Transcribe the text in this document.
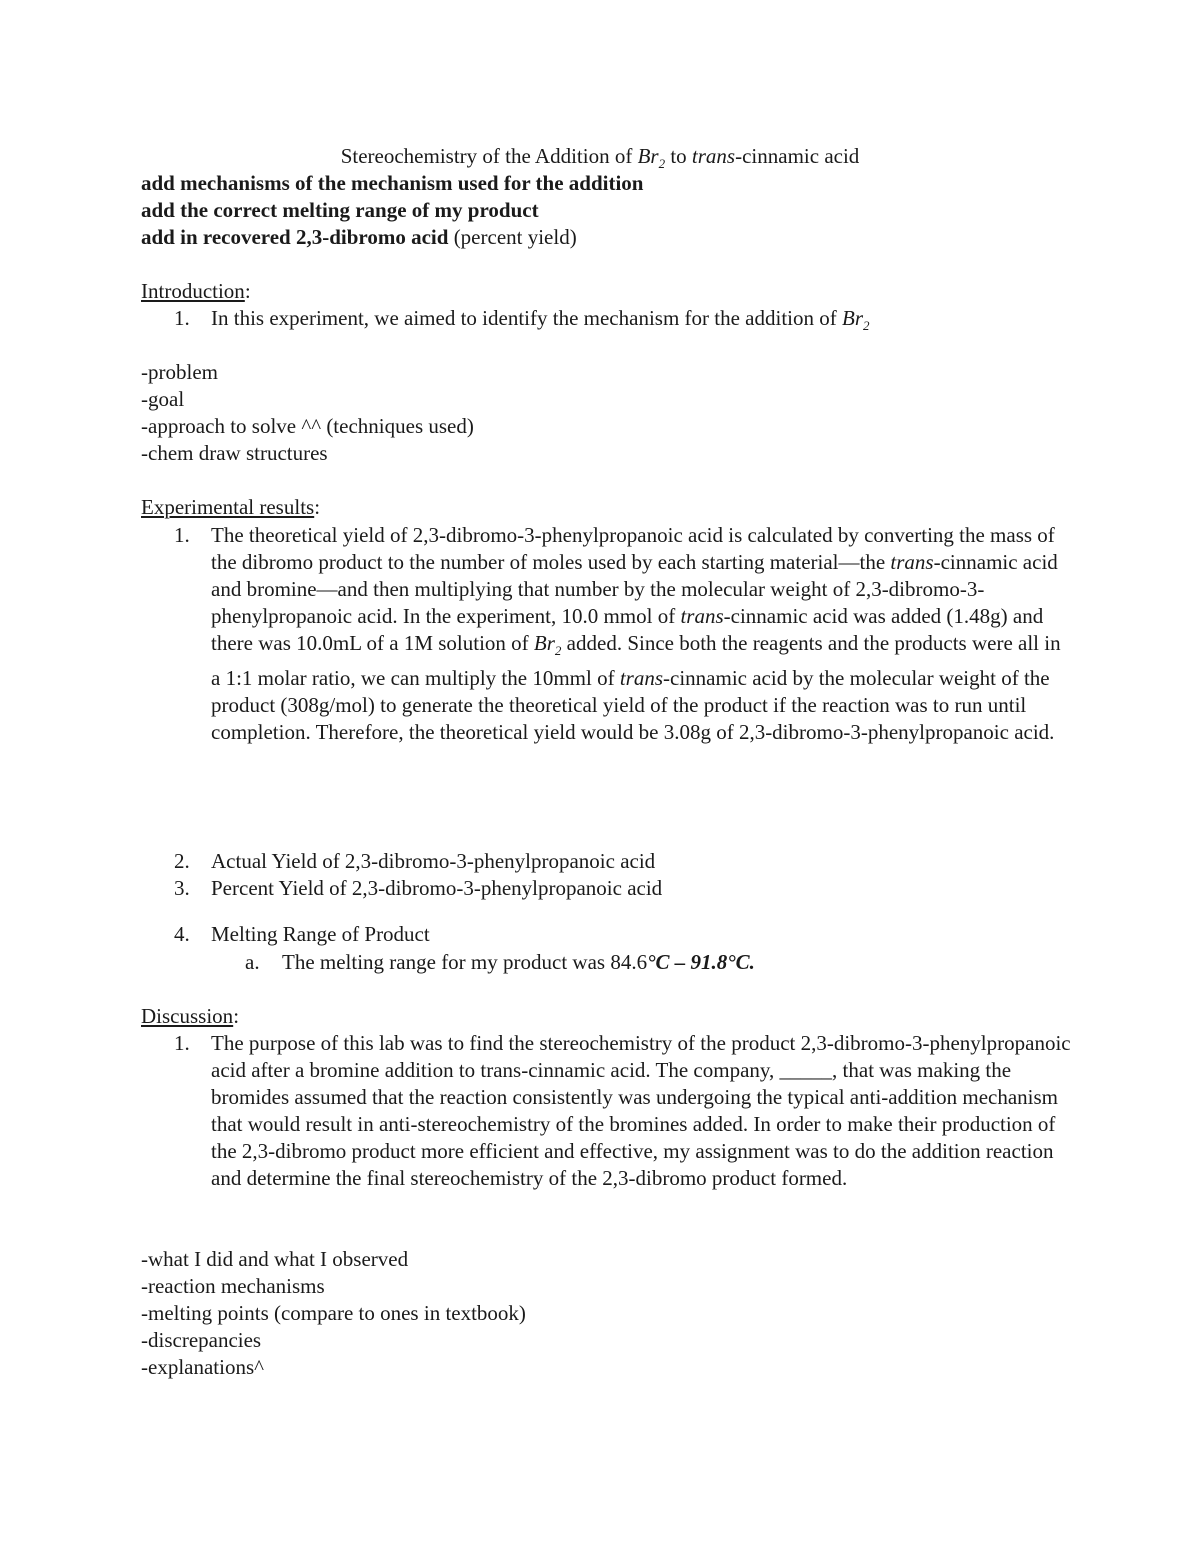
Stereochemistry of the Addition of $Br_2$ to trans-cinnamic acid
add mechanisms of the mechanism used for the addition
add the correct melting range of my product
add in recovered 2,3-dibromo acid (percent yield)
Introduction:
1. In this experiment, we aimed to identify the mechanism for the addition of $Br_2$
-problem
-goal
-approach to solve ^^ (techniques used)
-chem draw structures
Experimental results:
1. The theoretical yield of 2,3-dibromo-3-phenylpropanoic acid is calculated by converting the mass of the dibromo product to the number of moles used by each starting material—the trans-cinnamic acid and bromine—and then multiplying that number by the molecular weight of 2,3-dibromo-3-phenylpropanoic acid. In the experiment, 10.0 mmol of trans-cinnamic acid was added (1.48g) and there was 10.0mL of a 1M solution of $Br_2$ added. Since both the reagents and the products were all in a 1:1 molar ratio, we can multiply the 10mml of trans-cinnamic acid by the molecular weight of the product (308g/mol) to generate the theoretical yield of the product if the reaction was to run until completion. Therefore, the theoretical yield would be 3.08g of 2,3-dibromo-3-phenylpropanoic acid.
2. Actual Yield of 2,3-dibromo-3-phenylpropanoic acid
3. Percent Yield of 2,3-dibromo-3-phenylpropanoic acid
4. Melting Range of Product
a. The melting range for my product was 84.6°C – 91.8°C.
Discussion:
1. The purpose of this lab was to find the stereochemistry of the product 2,3-dibromo-3-phenylpropanoic acid after a bromine addition to trans-cinnamic acid. The company, _____, that was making the bromides assumed that the reaction consistently was undergoing the typical anti-addition mechanism that would result in anti-stereochemistry of the bromines added. In order to make their production of the 2,3-dibromo product more efficient and effective, my assignment was to do the addition reaction and determine the final stereochemistry of the 2,3-dibromo product formed.
-what I did and what I observed
-reaction mechanisms
-melting points (compare to ones in textbook)
-discrepancies
-explanations^
